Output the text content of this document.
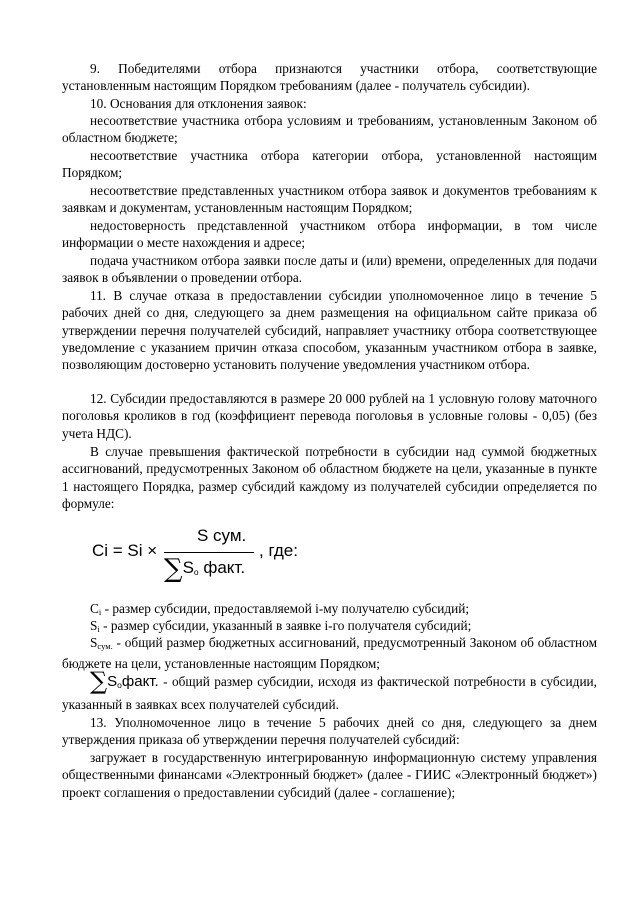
9. Победителями отбора признаются участники отбора, соответствующие установленным настоящим Порядком требованиям (далее - получатель субсидии).

10. Основания для отклонения заявок:

несоответствие участника отбора условиям и требованиям, установленным Законом об областном бюджете;

несоответствие участника отбора категории отбора, установленной настоящим Порядком;

несоответствие представленных участником отбора заявок и документов требованиям к заявкам и документам, установленным настоящим Порядком;

недостоверность представленной участником отбора информации, в том числе информации о месте нахождения и адресе;

подача участником отбора заявки после даты и (или) времени, определенных для подачи заявок в объявлении о проведении отбора.

11. В случае отказа в предоставлении субсидии уполномоченное лицо в течение 5 рабочих дней со дня, следующего за днем размещения на официальном сайте приказа об утверждении перечня получателей субсидий, направляет участнику отбора соответствующее уведомление с указанием причин отказа способом, указанным участником отбора в заявке, позволяющим достоверно установить получение уведомления участником отбора.

12. Субсидии предоставляются в размере 20 000 рублей на 1 условную голову маточного поголовья кроликов в год (коэффициент перевода поголовья в условные головы - 0,05) (без учета НДС).

В случае превышения фактической потребности в субсидии над суммой бюджетных ассигнований, предусмотренных Законом об областном бюджете на цели, указанные в пункте 1 настоящего Порядка, размер субсидий каждому из получателей субсидии определяется по формуле:

Ci = Si ×
S сум.
$\sum S_o$ факт.
, где:

$C_i$ - размер субсидии, предоставляемой i-му получателю субсидий;

$S_i$ - размер субсидии, указанный в заявке i-го получателя субсидий;

$S_{сум.}$ - общий размер бюджетных ассигнований, предусмотренный Законом об областном бюджете на цели, установленные настоящим Порядком;

$\sum S_oфакт$. - общий размер субсидии, исходя из фактической потребности в субсидии, указанный в заявках всех получателей субсидий.

13. Уполномоченное лицо в течение 5 рабочих дней со дня, следующего за днем утверждения приказа об утверждении перечня получателей субсидий:

загружает в государственную интегрированную информационную систему управления общественными финансами «Электронный бюджет» (далее - ГИИС «Электронный бюджет») проект соглашения о предоставлении субсидий (далее - соглашение);
